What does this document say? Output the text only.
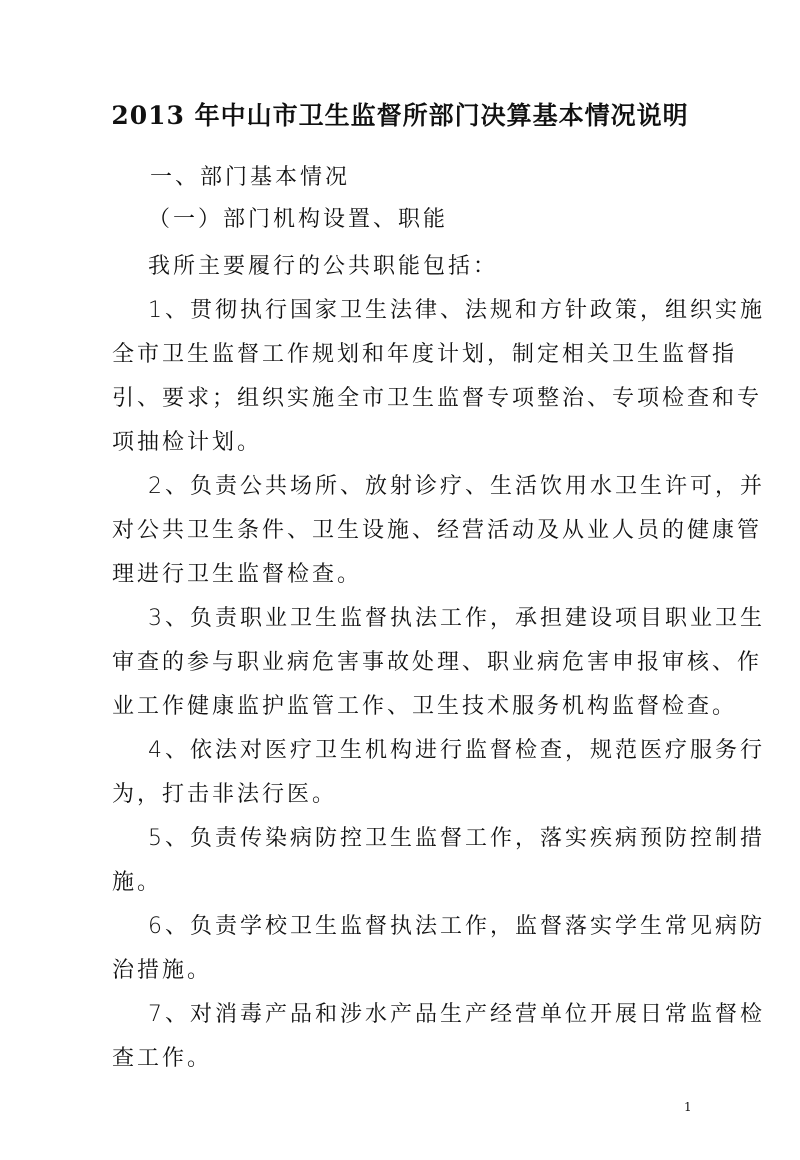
2013 年中山市卫生监督所部门决算基本情况说明
一、部门基本情况
（一）部门机构设置、职能
我所主要履行的公共职能包括：
1、贯彻执行国家卫生法律、法规和方针政策，组织实施
全市卫生监督工作规划和年度计划，制定相关卫生监督指
引、要求；组织实施全市卫生监督专项整治、专项检查和专
项抽检计划。
2、负责公共场所、放射诊疗、生活饮用水卫生许可，并
对公共卫生条件、卫生设施、经营活动及从业人员的健康管
理进行卫生监督检查。
3、负责职业卫生监督执法工作，承担建设项目职业卫生
审查的参与职业病危害事故处理、职业病危害申报审核、作
业工作健康监护监管工作、卫生技术服务机构监督检查。
4、依法对医疗卫生机构进行监督检查，规范医疗服务行
为，打击非法行医。
5、负责传染病防控卫生监督工作，落实疾病预防控制措
施。
6、负责学校卫生监督执法工作，监督落实学生常见病防
治措施。
7、对消毒产品和涉水产品生产经营单位开展日常监督检
查工作。
1
